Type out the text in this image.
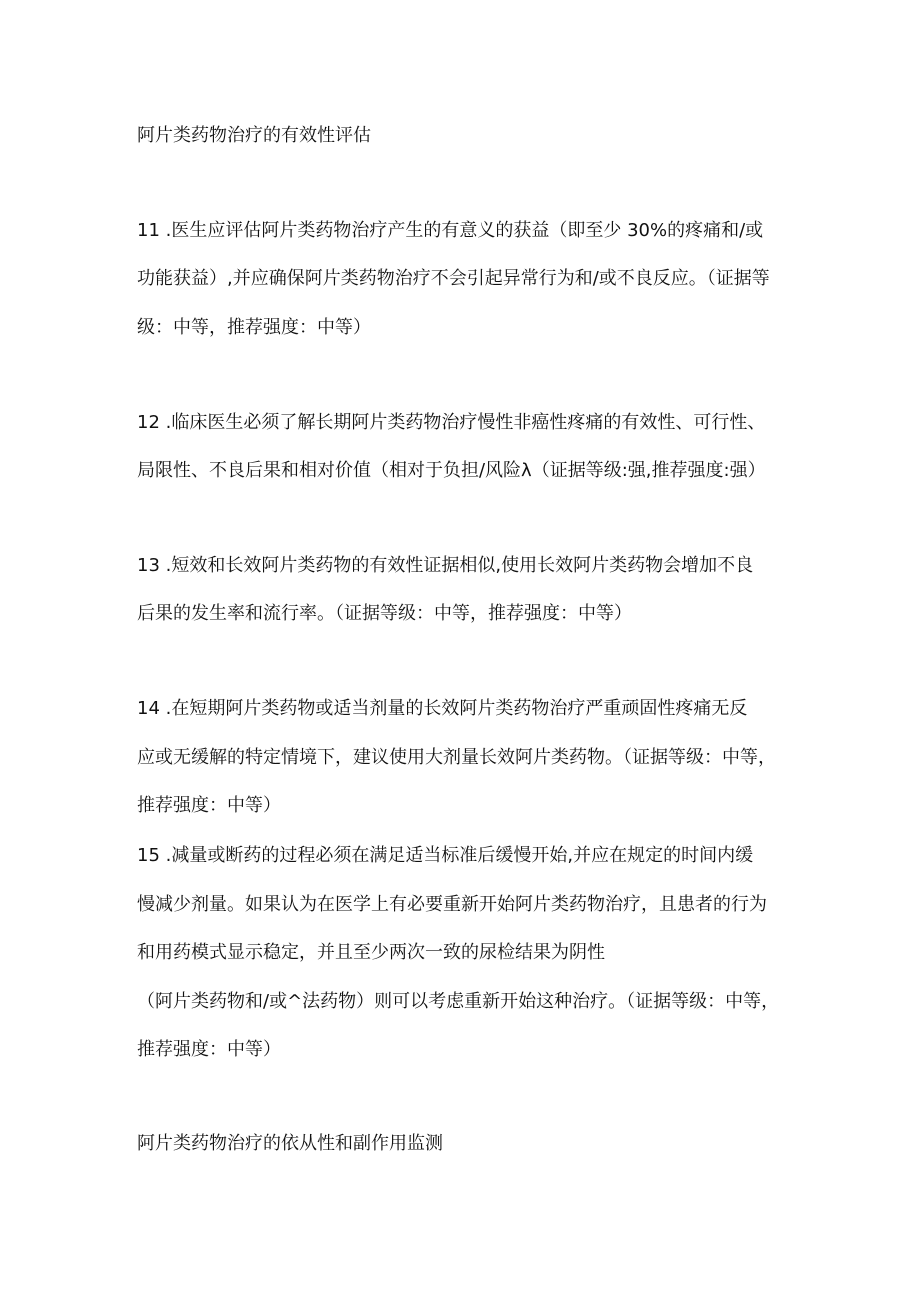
阿片类药物治疗的有效性评估
11 .医生应评估阿片类药物治疗产生的有意义的获益（即至少 30%的疼痛和/或
功能获益）,并应确保阿片类药物治疗不会引起异常行为和/或不良反应。（证据等
级：中等，推荐强度：中等）
12 .临床医生必须了解长期阿片类药物治疗慢性非癌性疼痛的有效性、可行性、
局限性、不良后果和相对价值（相对于负担/风险λ（证据等级:强,推荐强度:强）
13 .短效和长效阿片类药物的有效性证据相似,使用长效阿片类药物会增加不良
后果的发生率和流行率。（证据等级：中等，推荐强度：中等）
14 .在短期阿片类药物或适当剂量的长效阿片类药物治疗严重顽固性疼痛无反
应或无缓解的特定情境下，建议使用大剂量长效阿片类药物。（证据等级：中等，
推荐强度：中等）
15 .减量或断药的过程必须在满足适当标准后缓慢开始,并应在规定的时间内缓
慢减少剂量。如果认为在医学上有必要重新开始阿片类药物治疗，且患者的行为
和用药模式显示稳定，并且至少两次一致的尿检结果为阴性
（阿片类药物和/或^法药物）则可以考虑重新开始这种治疗。（证据等级：中等，
推荐强度：中等）
阿片类药物治疗的依从性和副作用监测
